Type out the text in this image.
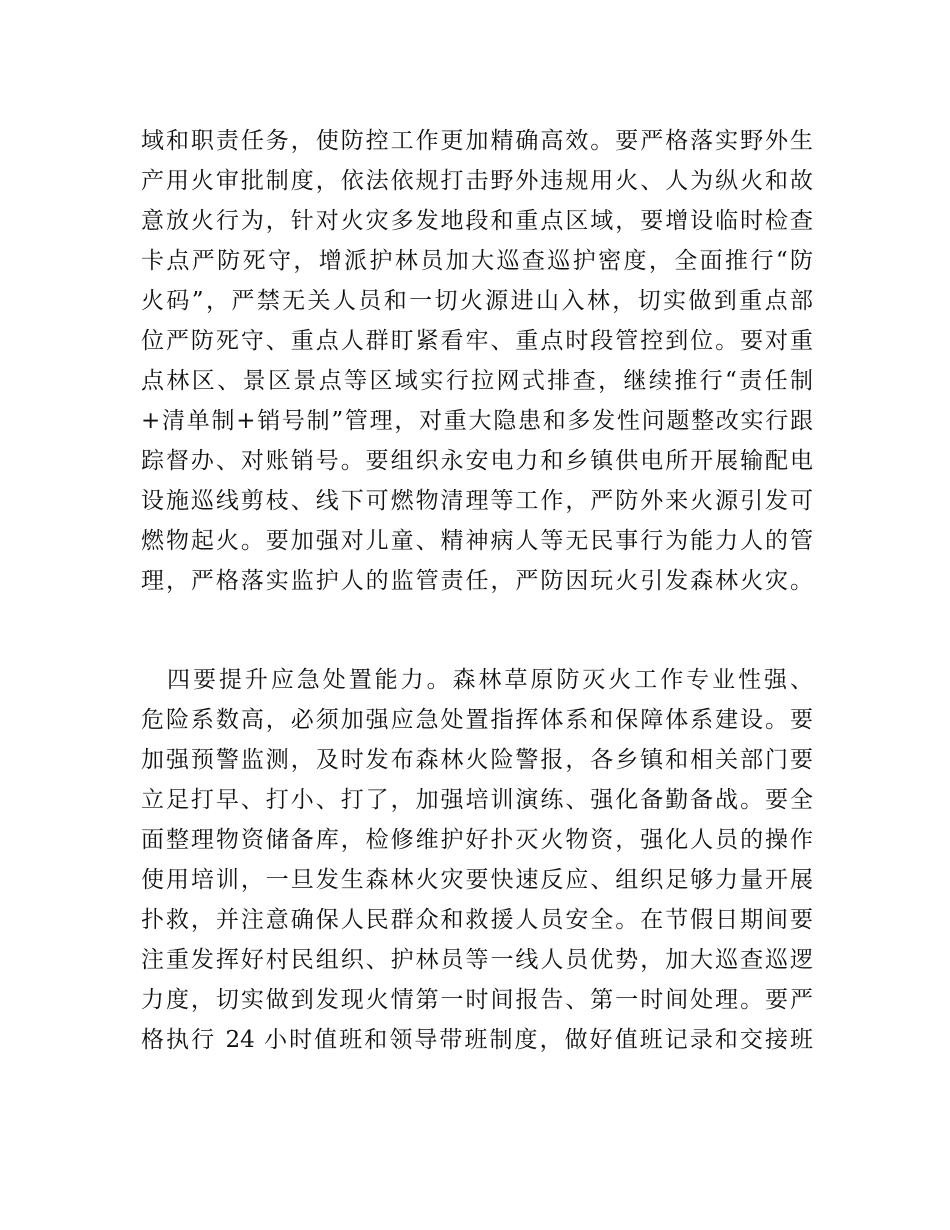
域和职责任务，使防控工作更加精确高效。要严格落实野外生
产用火审批制度，依法依规打击野外违规用火、人为纵火和故
意放火行为，针对火灾多发地段和重点区域，要增设临时检查
卡点严防死守，增派护林员加大巡查巡护密度，全面推行“防
火码”，严禁无关人员和一切火源进山入林，切实做到重点部
位严防死守、重点人群盯紧看牢、重点时段管控到位。要对重
点林区、景区景点等区域实行拉网式排查，继续推行“责任制
+清单制+销号制”管理，对重大隐患和多发性问题整改实行跟
踪督办、对账销号。要组织永安电力和乡镇供电所开展输配电
设施巡线剪枝、线下可燃物清理等工作，严防外来火源引发可
燃物起火。要加强对儿童、精神病人等无民事行为能力人的管
理，严格落实监护人的监管责任，严防因玩火引发森林火灾。
四要提升应急处置能力。森林草原防灭火工作专业性强、
危险系数高，必须加强应急处置指挥体系和保障体系建设。要
加强预警监测，及时发布森林火险警报，各乡镇和相关部门要
立足打早、打小、打了，加强培训演练、强化备勤备战。要全
面整理物资储备库，检修维护好扑灭火物资，强化人员的操作
使用培训，一旦发生森林火灾要快速反应、组织足够力量开展
扑救，并注意确保人民群众和救援人员安全。在节假日期间要
注重发挥好村民组织、护林员等一线人员优势，加大巡查巡逻
力度，切实做到发现火情第一时间报告、第一时间处理。要严
格执行 24 小时值班和领导带班制度，做好值班记录和交接班
